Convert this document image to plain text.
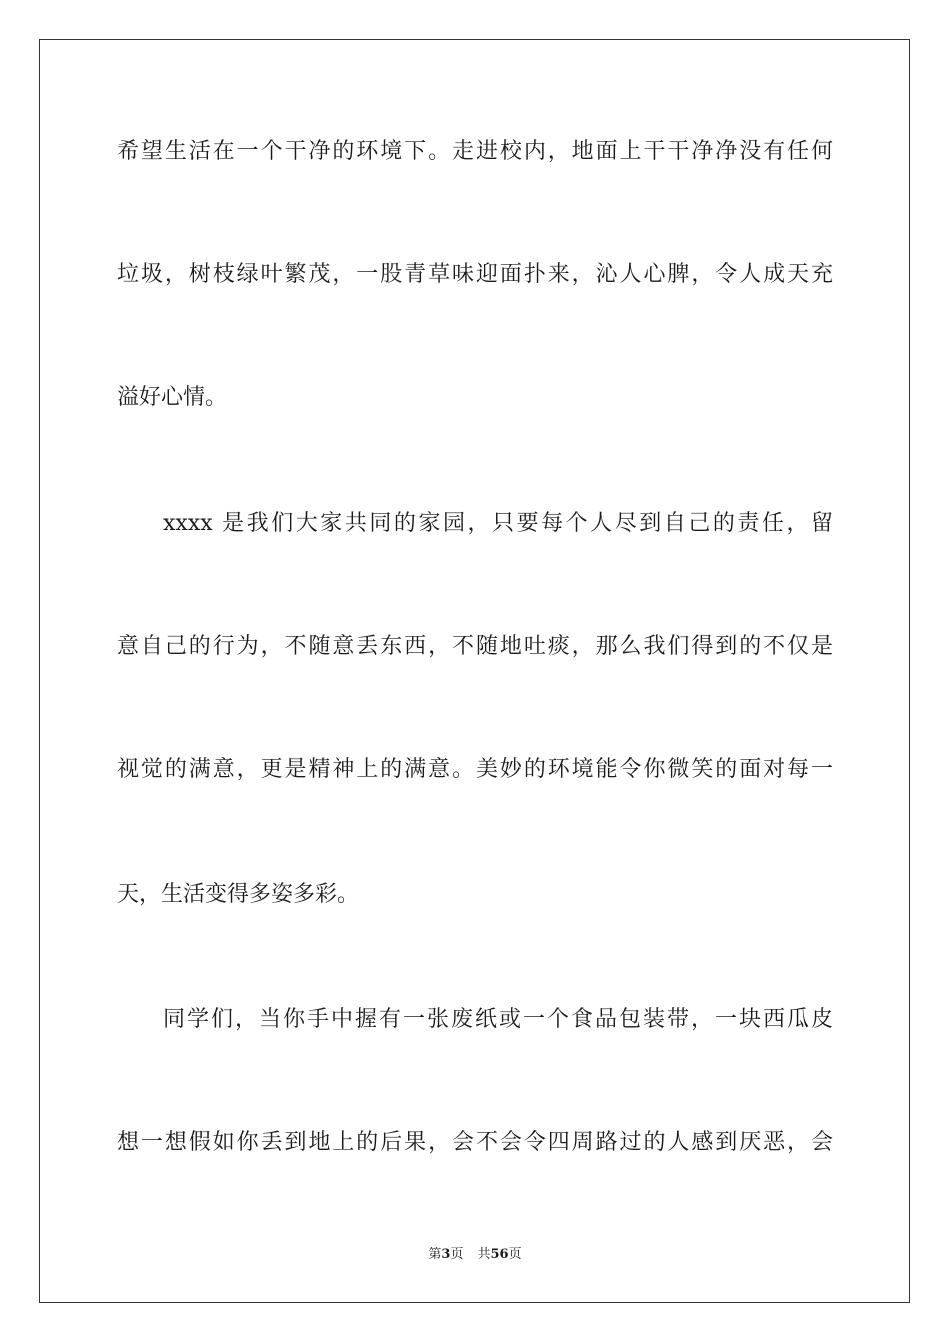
希望生活在一个干净的环境下。走进校内，地面上干干净净没有任何
垃圾，树枝绿叶繁茂，一股青草味迎面扑来，沁人心脾，令人成天充
溢好心情。
xxxx 是我们大家共同的家园，只要每个人尽到自己的责任，留
意自己的行为，不随意丢东西，不随地吐痰，那么我们得到的不仅是
视觉的满意，更是精神上的满意。美妙的环境能令你微笑的面对每一
天，生活变得多姿多彩。
同学们，当你手中握有一张废纸或一个食品包装带，一块西瓜皮
想一想假如你丢到地上的后果，会不会令四周路过的人感到厌恶，会
第3页 共56页
